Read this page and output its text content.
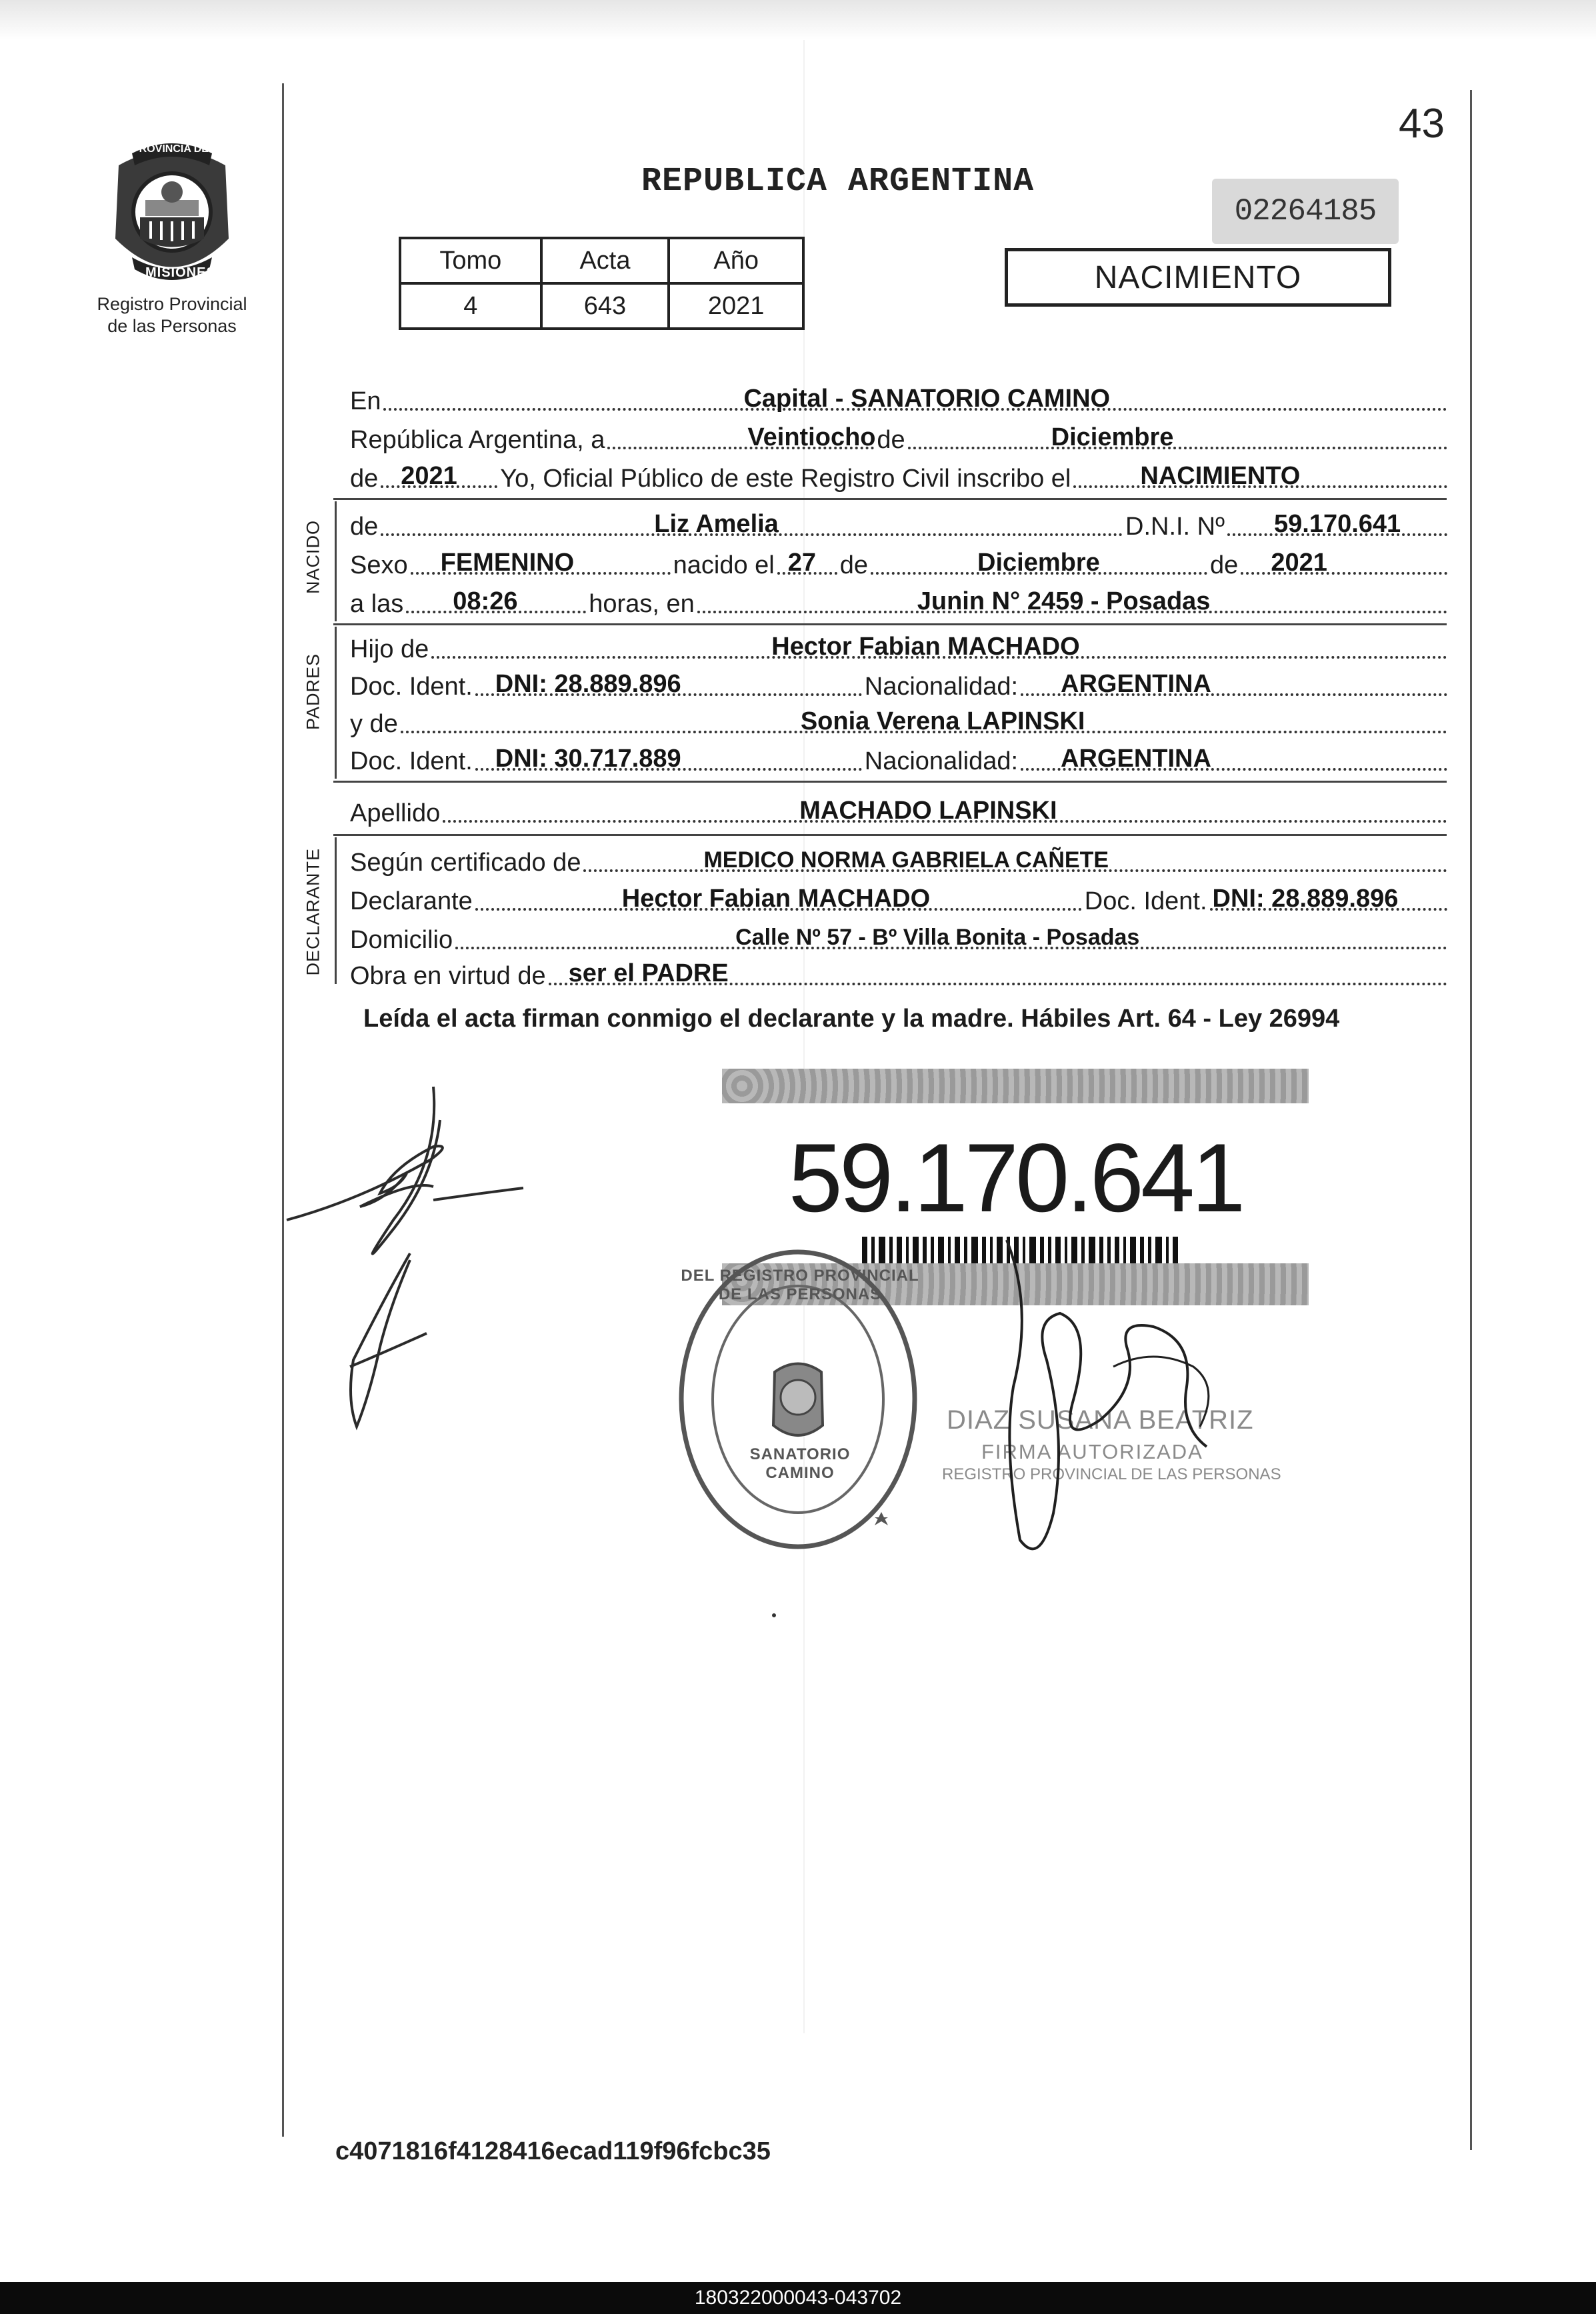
43
PROVINCIA DE
MISIONES
Registro Provincial
de las Personas
REPUBLICA ARGENTINA
02264185
Tomo	Acta	Año
4	643	2021
NACIMIENTO
En	Capital - SANATORIO CAMINO
República Argentina, a	Veintiocho de	Diciembre
de 2021 Yo, Oficial Público de este Registro Civil inscribo el	NACIMIENTO
de	Liz Amelia	D.N.I. Nº 59.170.641
Sexo FEMENINO	nacido el 27 de	Diciembre	de 2021
a las 08:26	horas, en	Junin N° 2459 - Posadas
Hijo de	Hector Fabian MACHADO
Doc. Ident. DNI: 28.889.896	Nacionalidad: ARGENTINA
y de	Sonia Verena LAPINSKI
Doc. Ident. DNI: 30.717.889	Nacionalidad: ARGENTINA
Apellido	MACHADO LAPINSKI
Según certificado de	MEDICO NORMA GABRIELA CAÑETE
Declarante	Hector Fabian MACHADO	Doc. Ident. DNI: 28.889.896
Domicilio	Calle Nº 57 - Bº Villa Bonita - Posadas
Obra en virtud de ser el PADRE
NACIDO
PADRES
DECLARANTE
Leída el acta firman conmigo el declarante y la madre. Hábiles Art. 64 - Ley 26994
59.170.641
DEL REGISTRO PROVINCIAL DE LAS PERSONAS
SANATORIO CAMINO
DIAZ SUSANA BEATRIZ
FIRMA AUTORIZADA
REGISTRO PROVINCIAL DE LAS PERSONAS
c4071816f4128416ecad119f96fcbc35
180322000043-043702
